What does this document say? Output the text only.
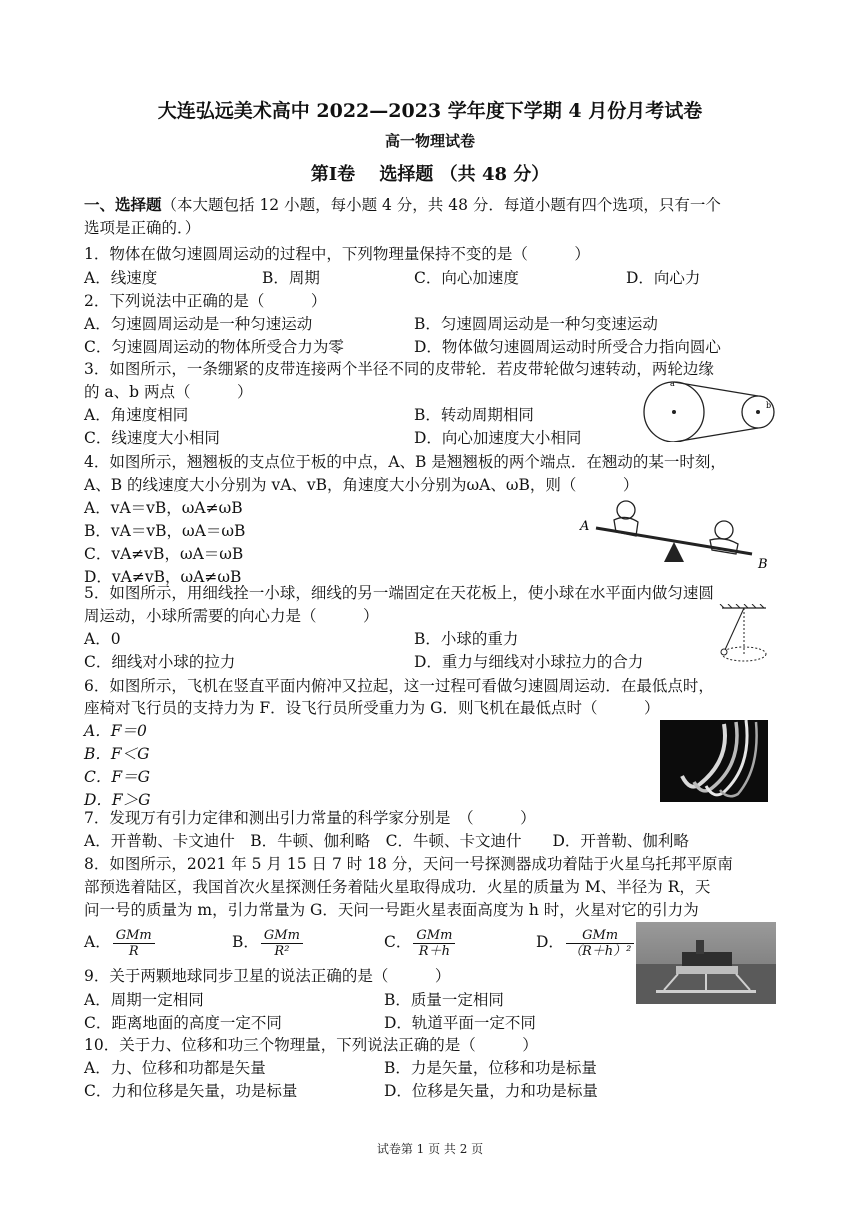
大连弘远美术高中 2022—2023 学年度下学期 4 月份月考试卷
高一物理试卷
第Ⅰ卷　 选择题 （共 48 分）
一、选择题（本大题包括 12 小题，每小题 4 分，共 48 分．每道小题有四个选项，只有一个
选项是正确的．）
1．物体在做匀速圆周运动的过程中，下列物理量保持不变的是（　　　）
A．线速度	B．周期	C．向心加速度	D．向心力
2．下列说法中正确的是（　　　）
A．匀速圆周运动是一种匀速运动	B．匀速圆周运动是一种匀变速运动
C．匀速圆周运动的物体所受合力为零	D．物体做匀速圆周运动时所受合力指向圆心
3．如图所示，一条绷紧的皮带连接两个半径不同的皮带轮．若皮带轮做匀速转动，两轮边缘
的 a、b 两点（　　　）
A．角速度相同	B．转动周期相同
C．线速度大小相同	D．向心加速度大小相同
a
b
4．如图所示，翘翘板的支点位于板的中点，A、B 是翘翘板的两个端点．在翘动的某一时刻，
A、B 的线速度大小分别为 vA、vB，角速度大小分别为ωA、ωB，则（　　　）
A．vA＝vB，ωA≠ωB
B．vA＝vB，ωA＝ωB
C．vA≠vB，ωA＝ωB
D．vA≠vB，ωA≠ωB
A
B
5．如图所示，用细线拴一小球，细线的另一端固定在天花板上，使小球在水平面内做匀速圆
周运动，小球所需要的向心力是（　　　）
A．0	B．小球的重力
C．细线对小球的拉力	D．重力与细线对小球拉力的合力
6．如图所示，飞机在竖直平面内俯冲又拉起，这一过程可看做匀速圆周运动．在最低点时，
座椅对飞行员的支持力为 F．设飞行员所受重力为 G．则飞机在最低点时（　　　）
A．F＝0
B．F＜G
C．F＝G
D．F＞G
7．发现万有引力定律和测出引力常量的科学家分别是　（　　　）
A．开普勒、卡文迪什　B．牛顿、伽利略　C．牛顿、卡文迪什　　D．开普勒、伽利略
8．如图所示，2021 年 5 月 15 日 7 时 18 分，天问一号探测器成功着陆于火星乌托邦平原南
部预选着陆区，我国首次火星探测任务着陆火星取得成功．火星的质量为 M、半径为 R，天
问一号的质量为 m，引力常量为 G．天问一号距火星表面高度为 h 时，火星对它的引力为
A． $\frac{\text{GMm}}{R}$	B． $\frac{\text{GMm}}{\text{R²}}$	C． $\frac{\text{GMm}}{R+h}$	D． $\frac{\text{GMm}}{\text{（R＋h）²}}$
9．关于两颗地球同步卫星的说法正确的是（　　　）
A．周期一定相同	B．质量一定相同
C．距离地面的高度一定不同	D．轨道平面一定不同
10．关于力、位移和功三个物理量，下列说法正确的是（　　　）
A．力、位移和功都是矢量	B．力是矢量，位移和功是标量
C．力和位移是矢量，功是标量	D．位移是矢量，力和功是标量
试卷第 1 页 共 2 页
